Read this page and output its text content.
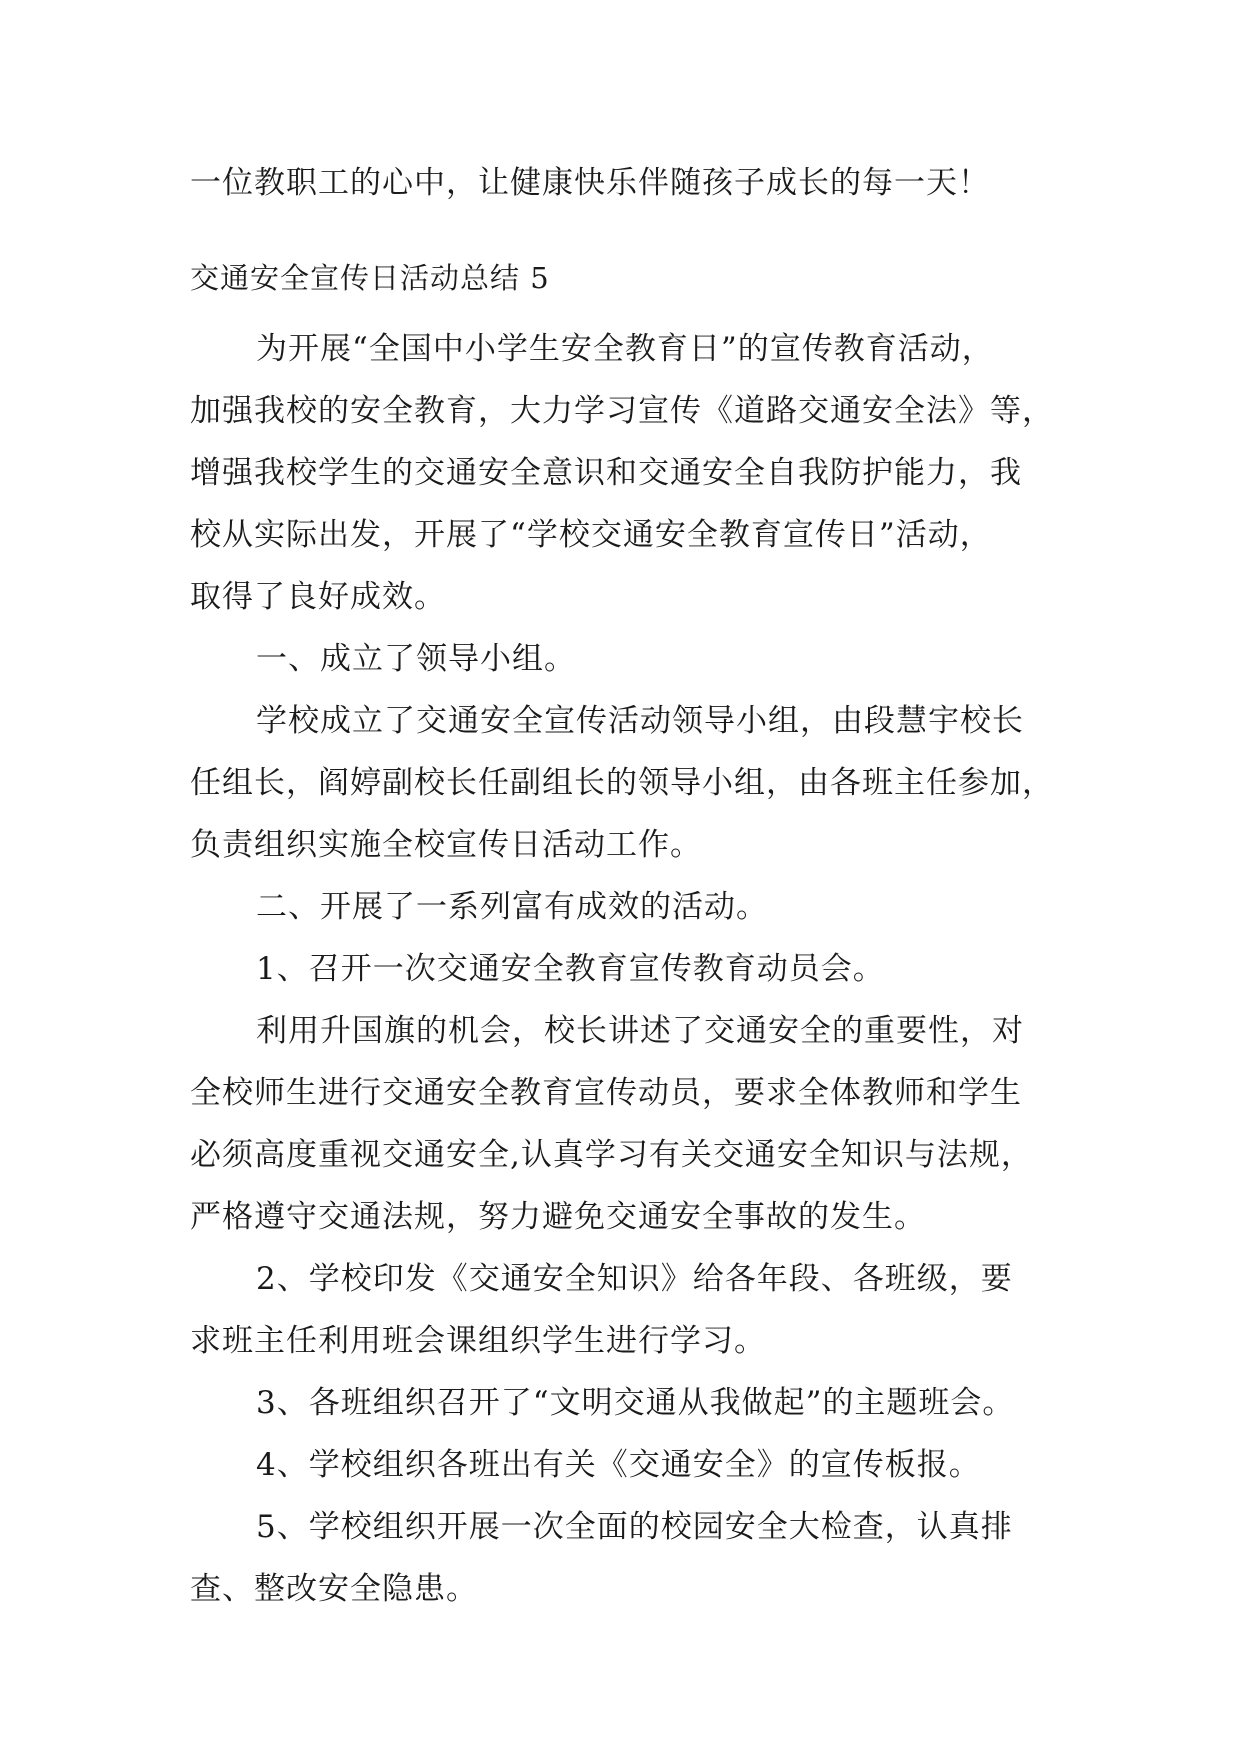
一位教职工的心中，让健康快乐伴随孩子成长的每一天！
交通安全宣传日活动总结 5
为开展“全国中小学生安全教育日”的宣传教育活动，
加强我校的安全教育，大力学习宣传《道路交通安全法》等，
增强我校学生的交通安全意识和交通安全自我防护能力，我
校从实际出发，开展了“学校交通安全教育宣传日”活动，
取得了良好成效。
一、成立了领导小组。
学校成立了交通安全宣传活动领导小组，由段慧宇校长
任组长，阎婷副校长任副组长的领导小组，由各班主任参加，
负责组织实施全校宣传日活动工作。
二、开展了一系列富有成效的活动。
1、召开一次交通安全教育宣传教育动员会。
利用升国旗的机会，校长讲述了交通安全的重要性，对
全校师生进行交通安全教育宣传动员，要求全体教师和学生
必须高度重视交通安全,认真学习有关交通安全知识与法规，
严格遵守交通法规，努力避免交通安全事故的发生。
2、学校印发《交通安全知识》给各年段、各班级，要
求班主任利用班会课组织学生进行学习。
3、各班组织召开了“文明交通从我做起”的主题班会。
4、学校组织各班出有关《交通安全》的宣传板报。
5、学校组织开展一次全面的校园安全大检查，认真排
查、整改安全隐患。
